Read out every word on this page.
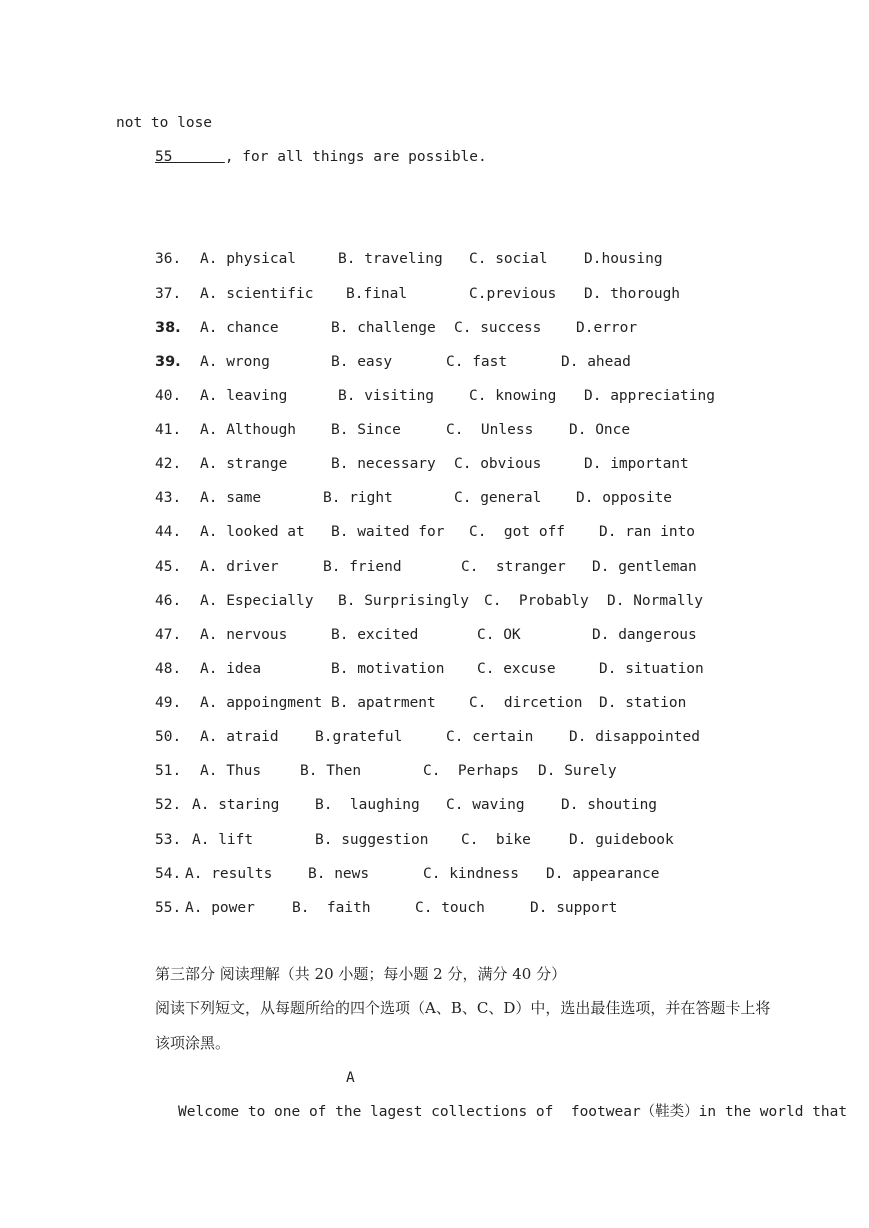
not to lose
55      , for all things are possible.
36. A. physical	B. traveling C. social	D.housing
37. A. scientific B.final	C.previous D. thorough
38. A. chance	B. challenge C. success D.error
39. A. wrong	B. easy	C. fast	D. ahead
40. A. leaving	B. visiting C. knowing D. appreciating
41. A. Although B. Since	C.  Unless D. Once
42. A. strange	B. necessary C. obvious	D. important
43. A. same	B. right	C. general D. opposite
44. A. looked at B. waited for C.  got off D. ran into
45. A. driver	B. friend	C.  stranger D. gentleman
46. A. Especially B. Surprisingly C.  Probably D. Normally
47. A. nervous	B. excited	C. OK	D. dangerous
48. A. idea	B. motivation C. excuse	D. situation
49. A. appoingment B. apatrment C.  dircetion D. station
50. A. atraid	B.grateful	C. certain D. disappointed
51. A. Thus	B. Then	C.  Perhaps D. Surely
52. A. staring B.  laughing C. waving	D. shouting
53. A. lift	B. suggestion C.  bike	D. guidebook
54. A. results B. news	C. kindness D. appearance
55. A. power	B.  faith	C. touch	D. support
第三部分 阅读理解（共 20 小题；每小题 2 分，满分 40 分）
阅读下列短文，从每题所给的四个选项（A、B、C、D）中，选出最佳选项，并在答题卡上将
该项涂黑。
A
Welcome to one of the lagest collections of  footwear（鞋类）in the world that
